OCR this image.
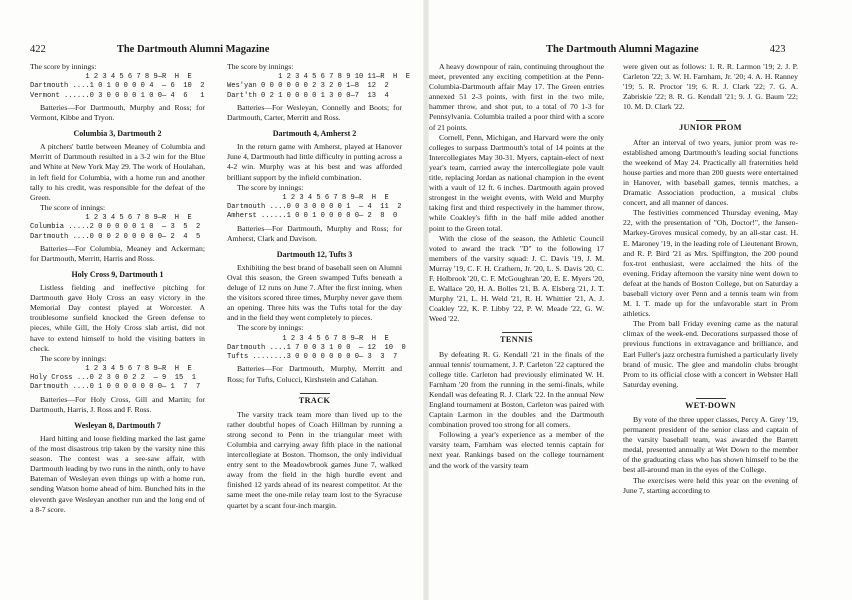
422	The Dartmouth Alumni Magazine

The score by innings:

1 2 3 4 5 6 7 8 9—R  H  E
Dartmouth ....1 0 1 0 0 0 0 4  — 6  10  2
Vermont ......0 3 0 0 0 0 1 0 0— 4  6   1

Batteries—For Dartmouth, Murphy and Ross; for Vermont, Kibbe and Tryon.

Columbia 3, Dartmouth 2

A pitchers' battle between Meaney of Columbia and Merritt of Dartmouth resulted in a 3-2 win for the Blue and White at New York May 29. The work of Houlahan, in left field for Columbia, with a home run and another tally to his credit, was responsible for the defeat of the Green.

The score of innings:

1 2 3 4 5 6 7 8 9—R  H  E
Columbia .....2 0 0 0 0 0 1 0  — 3  5  2
Dartmouth ....0 0 0 2 0 0 0 0 0— 2  4  5

Batteries—For Columbia, Meaney and Ackerman; for Dartmouth, Merritt, Harris and Ross.

Holy Cross 9, Dartmouth 1

Listless fielding and ineffective pitching for Dartmouth gave Holy Cross an easy victory in the Memorial Day contest played at Worcester. A troublesome sunfield knocked the Green defense to pieces, while Gill, the Holy Cross slab artist, did not have to extend himself to hold the visiting batters in check.

The score by innings:

1 2 3 4 5 6 7 8 9—R  H  E
Holy Cross ...0 2 3 0 0 2 2  — 9  15  1
Dartmouth ....0 1 0 0 0 0 0 0 0— 1  7  7

Batteries—For Holy Cross, Gill and Martin; for Dartmouth, Harris, J. Ross and F. Ross.

Wesleyan 8, Dartmouth 7

Hard hitting and loose fielding marked the last game of the most disastrous trip taken by the varsity nine this season. The contest was a see-saw affair, with Dartmouth leading by two runs in the ninth, only to have Bateman of Wesleyan even things up with a home run, sending Watson home ahead of him. Bunched hits in the eleventh gave Wesleyan another run and the long end of a 8-7 score.

The score by innings:

1 2 3 4 5 6 7 8 9 10 11—R  H  E
Wes'yan 0 0 0 0 0 0 2 3 2 0 1—8  12  2
Dart'th 0 2 1 0 0 0 0 1 3 0 0—7  13  4

Batteries—For Wesleyan, Connelly and Boots; for Dartmouth, Carter, Merritt and Ross.

Dartmouth 4, Amherst 2

In the return game with Amherst, played at Hanover June 4, Dartmouth had little difficulty in putting across a 4-2 win. Murphy was at his best and was afforded brilliant support by the infield combination.

The score by innings:

1 2 3 4 5 6 7 8 9—R  H  E
Dartmouth ....0 0 3 0 0 0 0 1  — 4  11  2
Amherst ......1 0 0 1 0 0 0 0 0— 2  8  0

Batteries—For Dartmouth, Murphy and Ross; for Amherst, Clark and Davison.

Dartmouth 12, Tufts 3

Exhibiting the best brand of baseball seen on Alumni Oval this season, the Green swamped Tufts beneath a deluge of 12 runs on June 7. After the first inning, when the visitors scored three times, Murphy never gave them an opening. Three hits was the Tufts total for the day and in the field they went completely to pieces.

The score by innings:

1 2 3 4 5 6 7 8 9—R  H  E
Dartmouth ....1 7 0 0 3 1 0 0  — 12  10  0
Tufts ........3 0 0 0 0 0 0 0 0— 3  3  7

Batteries—For Dartmouth, Murphy, Merritt and Ross; for Tufts, Colucci, Kirshstein and Calahan.

TRACK

The varsity track team more than lived up to the rather doubtful hopes of Coach Hillman by running a strong second to Penn in the triangular meet with Columbia and carrying away fifth place in the national intercollegiate at Boston. Thomson, the only individual entry sent to the Meadowbrook games June 7, walked away from the field in the high hurdle event and finished 12 yards ahead of its nearest competitor. At the same meet the one-mile relay team lost to the Syracuse quartet by a scant four-inch margin.

The Dartmouth Alumni Magazine	423

A heavy downpour of rain, continuing throughout the meet, prevented any exciting competition at the Penn-Columbia-Dartmouth affair May 17. The Green entries annexed 51 2-3 points, with first in the two mile, hammer throw, and shot put, to a total of 70 1-3 for Pennsylvania. Columbia trailed a poor third with a score of 21 points.

Cornell, Penn, Michigan, and Harvard were the only colleges to surpass Dartmouth's total of 14 points at the Intercollegiates May 30-31. Myers, captain-elect of next year's team, carried away the intercollegiate pole vault title, replacing Jordan as national champion in the event with a vault of 12 ft. 6 inches. Dartmouth again proved strongest in the weight events, with Weld and Murphy taking first and third respectively in the hammer throw, while Coakley's fifth in the half mile added another point to the Green total.

With the close of the season, the Athletic Council voted to award the track "D" to the following 17 members of the varsity squad: J. C. Davis '19, J. M. Murray '19, C. F. H. Crathern, Jr. '20, L. S. Davis '20, C. F. Holbrook '20, C. F. McGoughran '20, E. E. Myers '20, E. Wallace '20, H. A. Bolles '21, B. A. Elsberg '21, J. T. Murphy '21, L. H. Weld '21, R. H. Whittier '21, A. J. Coakley '22, K. P. Libby '22, P. W. Meade '22, G. W. Weed '22.

TENNIS

By defeating R. G. Kendall '21 in the finals of the annual tennis' tournament, J. P. Carleton '22 captured the college title. Carleton had previously eliminated W. H. Farnham '20 from the running in the semi-finals, while Kendall was defeating R. J. Clark '22. In the annual New England tournament at Boston, Carleton was paired with Captain Larmon in the doubles and the Dartmouth combination proved too strong for all comers.

Following a year's experience as a member of the varsity team, Farnham was elected tennis captain for next year. Rankings based on the college tournament and the work of the varsity team

were given out as follows: 1. R. R. Larmon '19; 2. J. P. Carleton '22; 3. W. H. Farnham, Jr. '20; 4. A. H. Ranney '19; 5. R. Proctor '19; 6. R. J. Clark '22; 7. G. A. Zabriskie '22; 8. R. G. Kendall '21; 9. J. G. Baum '22; 10. M. D. Clark '22.

JUNIOR PROM

After an interval of two years, junior prom was re-established among Dartmouth's leading social functions the weekend of May 24. Practically all fraternities held house parties and more than 200 guests were entertained in Hanover, with baseball games, tennis matches, a Dramatic Association production, a musical clubs concert, and all manner of dances.

The festivities commenced Thursday evening, May 22, with the presentation of "Oh, Doctor!", the Jansen-Markey-Groves musical comedy, by an all-star cast. H. E. Maroney '19, in the leading role of Lieutenant Brown, and R. P. Bird '21 as Mrs. Spiffington, the 200 pound fox-trot enthusiast, were acclaimed the hits of the evening. Friday afternoon the varsity nine went down to defeat at the hands of Boston College, but on Saturday a baseball victory over Penn and a tennis team win from M. I. T. made up for the unfavorable start in Prom athletics.

The Prom ball Friday evening came as the natural climax of the week-end. Decorations surpassed those of previous functions in extravagance and brilliance, and Earl Fuller's jazz orchestra furnished a particularly lively brand of music. The glee and mandolin clubs brought Prom to its official close with a concert in Webster Hall Saturday evening.

WET-DOWN

By vote of the three upper classes, Percy A. Grey '19, permanent president of the senior class and captain of the varsity baseball team, was awarded the Barrett medal, presented annually at Wet Down to the member of the graduating class who has shown himself to be the best all-around man in the eyes of the College.

The exercises were held this year on the evening of June 7, starting according to
